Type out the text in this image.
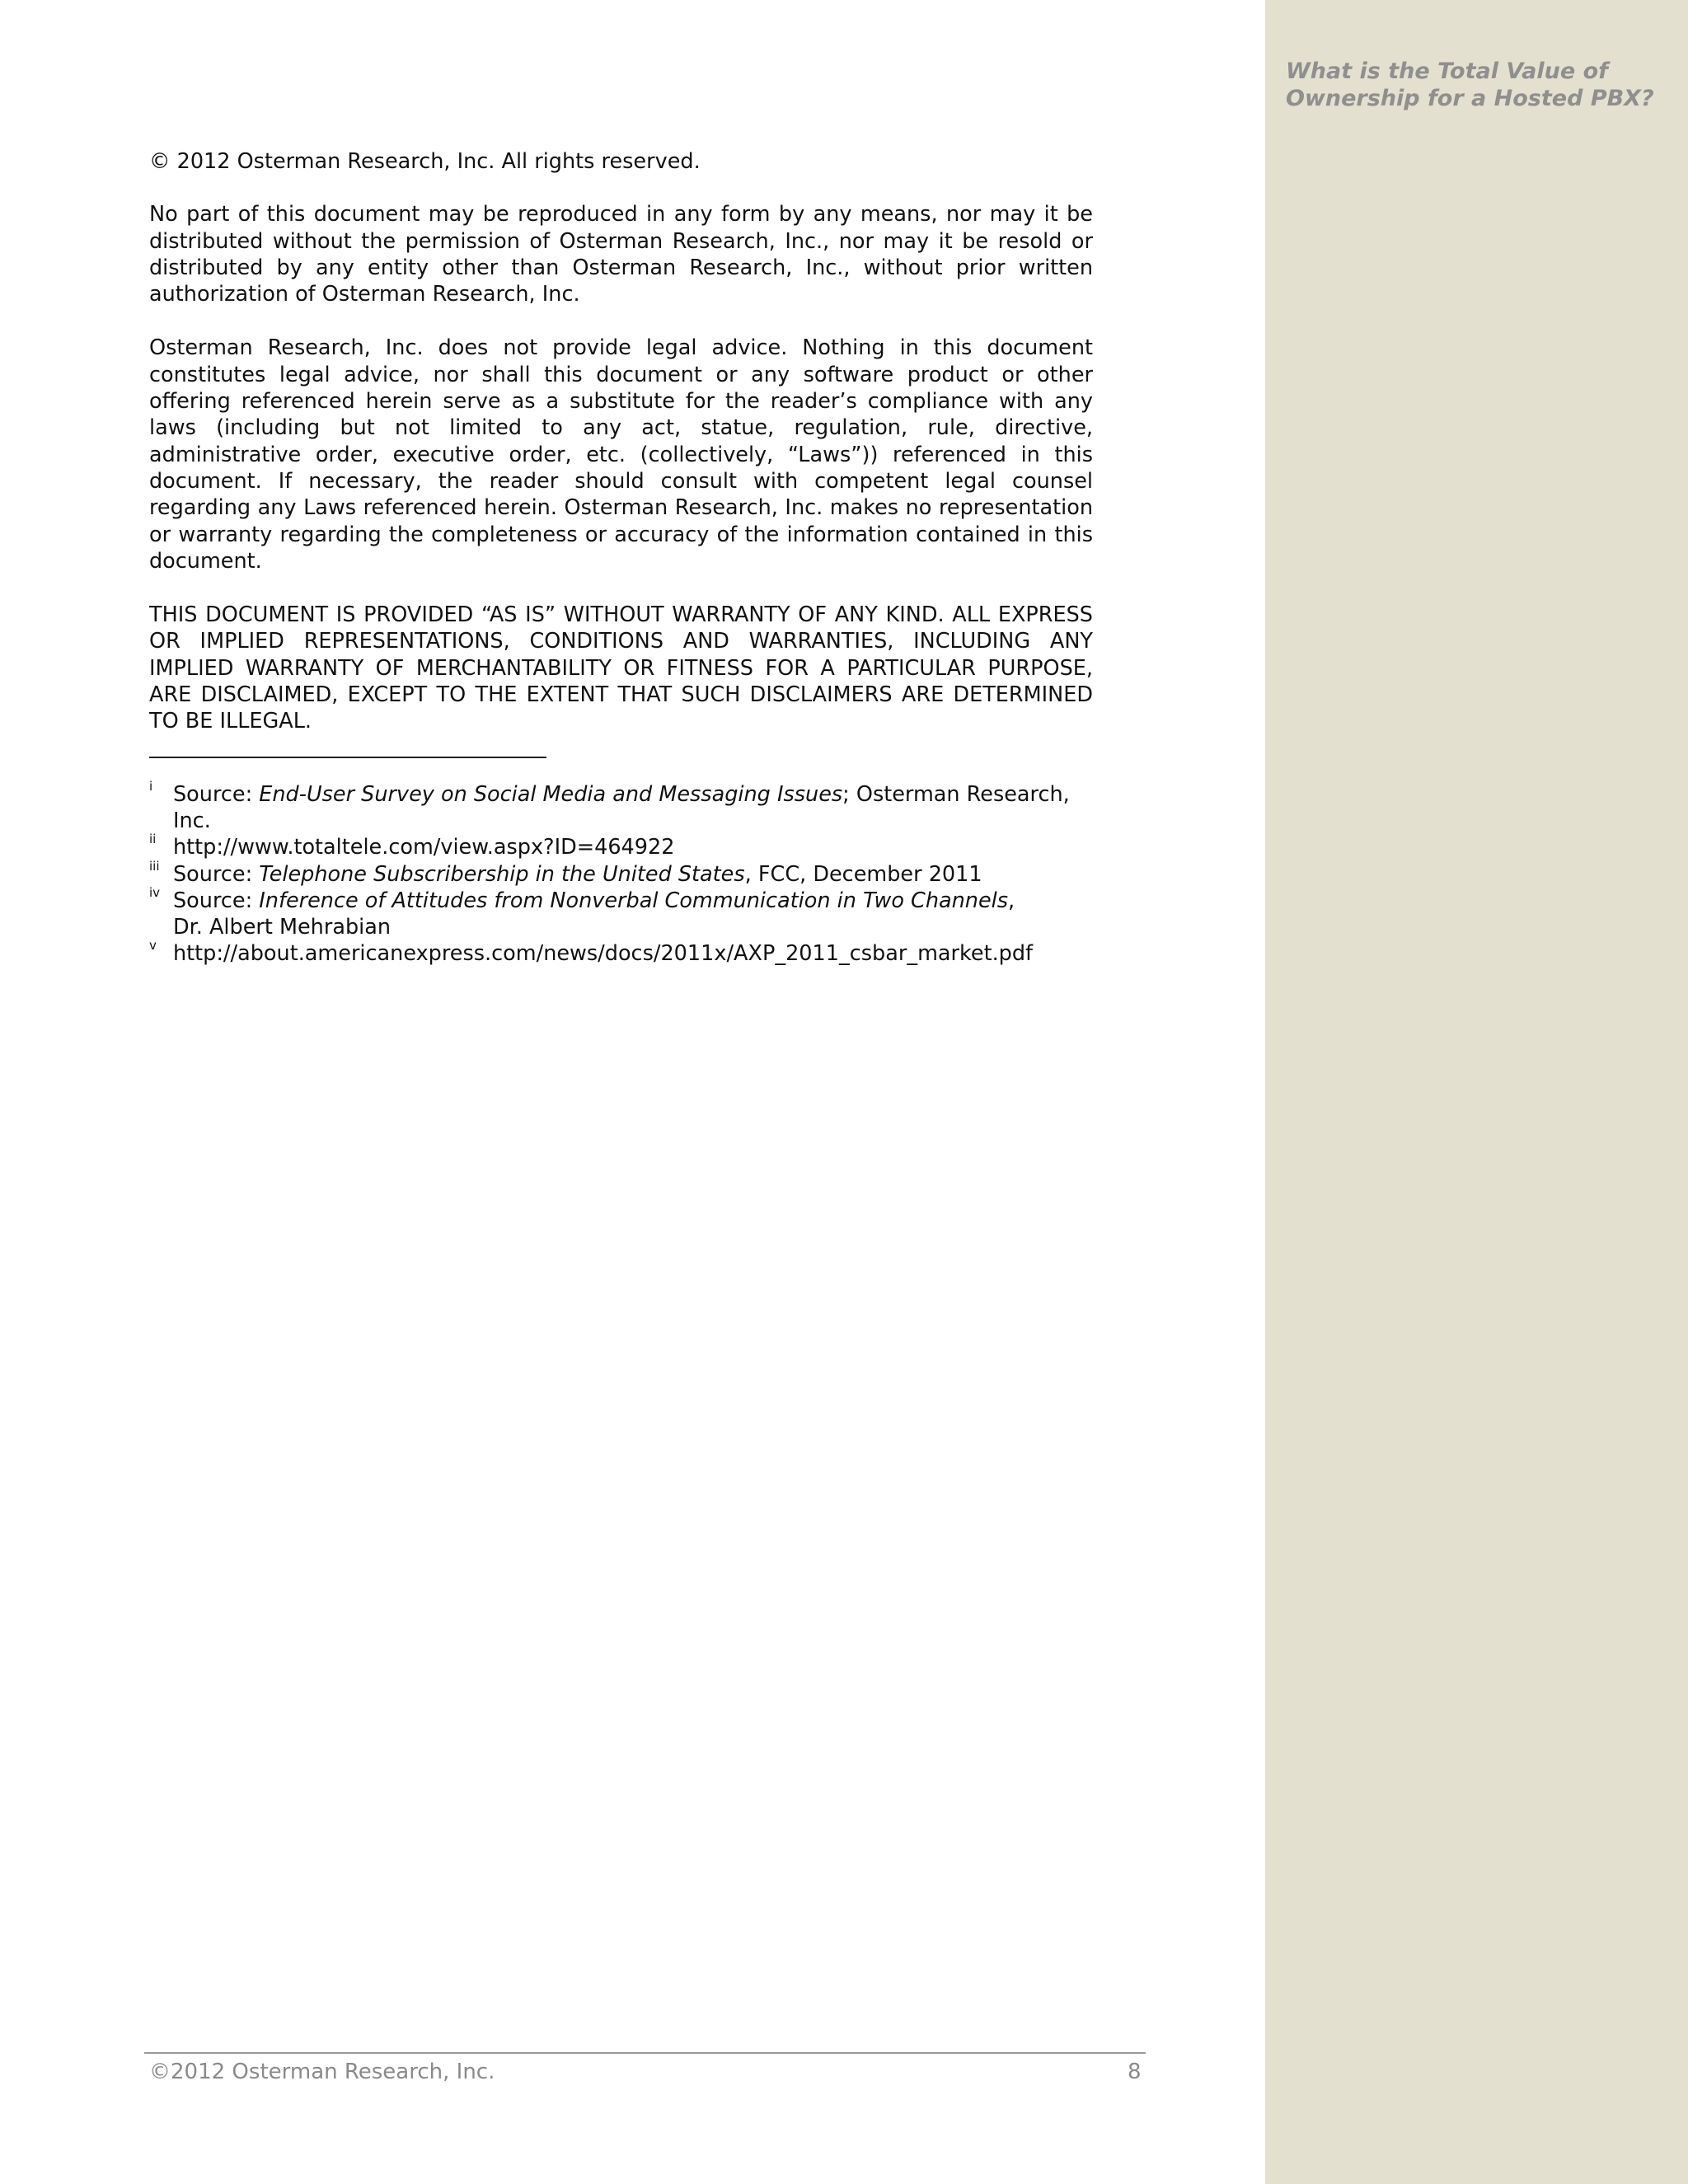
What is the Total Value of
Ownership for a Hosted PBX?

© 2012 Osterman Research, Inc. All rights reserved.

No part of this document may be reproduced in any form by any means, nor may it be distributed without the permission of Osterman Research, Inc., nor may it be resold or distributed by any entity other than Osterman Research, Inc., without prior written authorization of Osterman Research, Inc.

Osterman Research, Inc. does not provide legal advice. Nothing in this document constitutes legal advice, nor shall this document or any software product or other offering referenced herein serve as a substitute for the reader’s compliance with any laws (including but not limited to any act, statue, regulation, rule, directive, administrative order, executive order, etc. (collectively, “Laws”)) referenced in this document. If necessary, the reader should consult with competent legal counsel regarding any Laws referenced herein. Osterman Research, Inc. makes no representation or warranty regarding the completeness or accuracy of the information contained in this document.

THIS DOCUMENT IS PROVIDED “AS IS” WITHOUT WARRANTY OF ANY KIND. ALL EXPRESS OR IMPLIED REPRESENTATIONS, CONDITIONS AND WARRANTIES, INCLUDING ANY IMPLIED WARRANTY OF MERCHANTABILITY OR FITNESS FOR A PARTICULAR PURPOSE, ARE DISCLAIMED, EXCEPT TO THE EXTENT THAT SUCH DISCLAIMERS ARE DETERMINED TO BE ILLEGAL.

i Source: End-User Survey on Social Media and Messaging Issues; Osterman Research, Inc.
ii http://www.totaltele.com/view.aspx?ID=464922
iii Source: Telephone Subscribership in the United States, FCC, December 2011
iv Source: Inference of Attitudes from Nonverbal Communication in Two Channels,
Dr. Albert Mehrabian
v http://about.americanexpress.com/news/docs/2011x/AXP_2011_csbar_market.pdf
©2012 Osterman Research, Inc.	8
